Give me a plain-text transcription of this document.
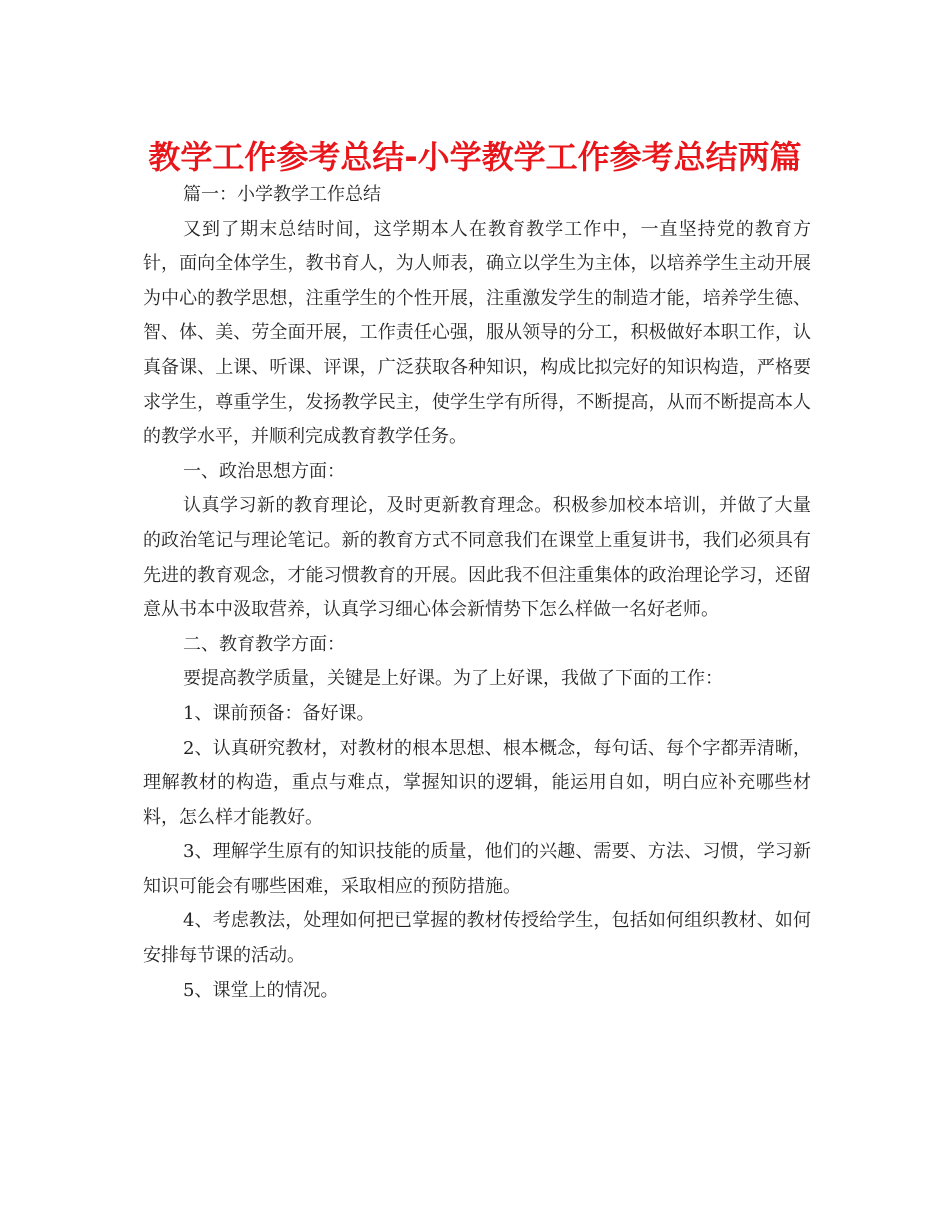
教学工作参考总结-小学教学工作参考总结两篇

篇一：小学教学工作总结

又到了期末总结时间，这学期本人在教育教学工作中，一直坚持党的教育方针，面向全体学生，教书育人，为人师表，确立以学生为主体，以培养学生主动开展为中心的教学思想，注重学生的个性开展，注重激发学生的制造才能，培养学生德、智、体、美、劳全面开展，工作责任心强，服从领导的分工，积极做好本职工作，认真备课、上课、听课、评课，广泛获取各种知识，构成比拟完好的知识构造，严格要求学生，尊重学生，发扬教学民主，使学生学有所得，不断提高，从而不断提高本人的教学水平，并顺利完成教育教学任务。

一、政治思想方面：

认真学习新的教育理论，及时更新教育理念。积极参加校本培训，并做了大量的政治笔记与理论笔记。新的教育方式不同意我们在课堂上重复讲书，我们必须具有先进的教育观念，才能习惯教育的开展。因此我不但注重集体的政治理论学习，还留意从书本中汲取营养，认真学习细心体会新情势下怎么样做一名好老师。

二、教育教学方面：

要提高教学质量，关键是上好课。为了上好课，我做了下面的工作：

1、课前预备：备好课。

2、认真研究教材，对教材的根本思想、根本概念，每句话、每个字都弄清晰，理解教材的构造，重点与难点，掌握知识的逻辑，能运用自如，明白应补充哪些材料，怎么样才能教好。

3、理解学生原有的知识技能的质量，他们的兴趣、需要、方法、习惯，学习新知识可能会有哪些困难，采取相应的预防措施。

4、考虑教法，处理如何把已掌握的教材传授给学生，包括如何组织教材、如何安排每节课的活动。

5、课堂上的情况。
